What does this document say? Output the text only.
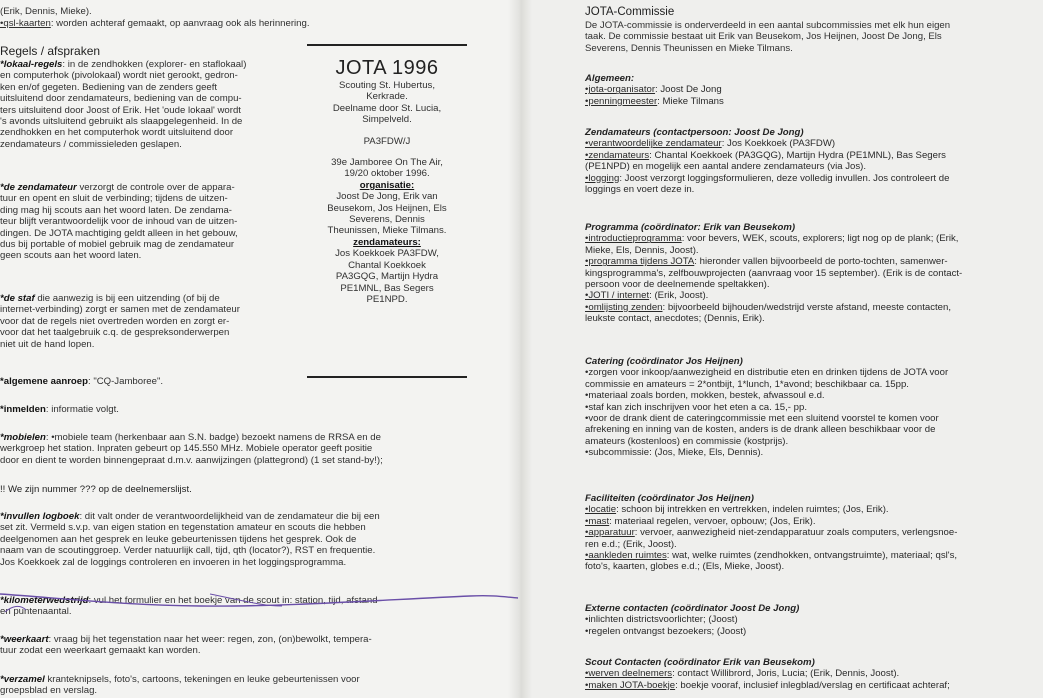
(Erik, Dennis, Mieke).
•qsl-kaarten: worden achteraf gemaakt, op aanvraag ook als herinnering.
Regels / afspraken
*lokaal-regels: in de zendhokken (explorer- en staflokaal)
en computerhok (pivolokaal) wordt niet gerookt, gedron-
ken en/of gegeten. Bediening van de zenders geeft
uitsluitend door zendamateurs, bediening van de compu-
ters uitsluitend door Joost of Erik. Het 'oude lokaal' wordt
's avonds uitsluitend gebruikt als slaapgelegenheid. In de
zendhokken en het computerhok wordt uitsluitend door
zendamateurs / commissieleden geslapen.
*de zendamateur verzorgt de controle over de appara-
tuur en opent en sluit de verbinding; tijdens de uitzen-
ding mag hij scouts aan het woord laten. De zendama-
teur blijft verantwoordelijk voor de inhoud van de uitzen-
dingen. De JOTA machtiging geldt alleen in het gebouw,
dus bij portable of mobiel gebruik mag de zendamateur
geen scouts aan het woord laten.
*de staf die aanwezig is bij een uitzending (of bij de
internet-verbinding) zorgt er samen met de zendamateur
voor dat de regels niet overtreden worden en zorgt er-
voor dat het taalgebruik c.q. de gespreksonderwerpen
niet uit de hand lopen.
*algemene aanroep: "CQ-Jamboree".
*inmelden: informatie volgt.
*mobielen: •mobiele team (herkenbaar aan S.N. badge) bezoekt namens de RRSA en de
werkgroep het station. Inpraten gebeurt op 145.550 MHz. Mobiele operator geeft positie
door en dient te worden binnengepraat d.m.v. aanwijzingen (plattegrond) (1 set stand-by!);
!! We zijn nummer ??? op de deelnemerslijst.
*invullen logboek: dit valt onder de verantwoordelijkheid van de zendamateur die bij een
set zit. Vermeld s.v.p. van eigen station en tegenstation amateur en scouts die hebben
deelgenomen aan het gesprek en leuke gebeurtenissen tijdens het gesprek. Ook de
naam van de scoutinggroep. Verder natuurlijk call, tijd, qth (locator?), RST en frequentie.
Jos Koekkoek zal de loggings controleren en invoeren in het loggingsprogramma.
*kilometerwedstrijd: vul het formulier en het boekje van de scout in: station, tijd, afstand
en puntenaantal.
*weerkaart: vraag bij het tegenstation naar het weer: regen, zon, (on)bewolkt, tempera-
tuur zodat een weerkaart gemaakt kan worden.
*verzamel kranteknipsels, foto's, cartoons, tekeningen en leuke gebeurtenissen voor
groepsblad en verslag.
JOTA 1996
Scouting St. Hubertus,
Kerkrade.
Deelname door St. Lucia,
Simpelveld.
PA3FDW/J
39e Jamboree On The Air,
19/20 oktober 1996.
organisatie:
Joost De Jong, Erik van
Beusekom, Jos Heijnen, Els
Severens, Dennis
Theunissen, Mieke Tilmans.
zendamateurs:
Jos Koekkoek PA3FDW,
Chantal Koekkoek
PA3GQG, Martijn Hydra
PE1MNL, Bas Segers
PE1NPD.
JOTA-Commissie
De JOTA-commissie is onderverdeeld in een aantal subcommissies met elk hun eigen
taak. De commissie bestaat uit Erik van Beusekom, Jos Heijnen, Joost De Jong, Els
Severens, Dennis Theunissen en Mieke Tilmans.
Algemeen:
•jota-organisator: Joost De Jong
•penningmeester: Mieke Tilmans
Zendamateurs (contactpersoon: Joost De Jong)
•verantwoordelijke zendamateur: Jos Koekkoek (PA3FDW)
•zendamateurs: Chantal Koekkoek (PA3GQG), Martijn Hydra (PE1MNL), Bas Segers
(PE1NPD) en mogelijk een aantal andere zendamateurs (via Jos).
•logging: Joost verzorgt loggingsformulieren, deze volledig invullen. Jos controleert de
loggings en voert deze in.
Programma (coördinator: Erik van Beusekom)
•introductieprogramma: voor bevers, WEK, scouts, explorers; ligt nog op de plank; (Erik,
Mieke, Els, Dennis, Joost).
•programma tijdens JOTA: hieronder vallen bijvoorbeeld de porto-tochten, samenwer-
kingsprogramma's, zelfbouwprojecten (aanvraag voor 15 september). (Erik is de contact-
persoon voor de deelnemende speltakken).
•JOTI / internet: (Erik, Joost).
•omlijsting zenden: bijvoorbeeld bijhouden/wedstrijd verste afstand, meeste contacten,
leukste contact, anecdotes; (Dennis, Erik).
Catering (coördinator Jos Heijnen)
•zorgen voor inkoop/aanwezigheid en distributie eten en drinken tijdens de JOTA voor
commissie en amateurs = 2*ontbijt, 1*lunch, 1*avond; beschikbaar ca. 15pp.
•materiaal zoals borden, mokken, bestek, afwassoul e.d.
•staf kan zich inschrijven voor het eten a ca. 15,- pp.
•voor de drank dient de cateringcommissie met een sluitend voorstel te komen voor
afrekening en inning van de kosten, anders is de drank alleen beschikbaar voor de
amateurs (kostenloos) en commissie (kostprijs).
•subcommissie: (Jos, Mieke, Els, Dennis).
Faciliteiten (coördinator Jos Heijnen)
•locatie: schoon bij intrekken en vertrekken, indelen ruimtes; (Jos, Erik).
•mast: materiaal regelen, vervoer, opbouw; (Jos, Erik).
•apparatuur: vervoer, aanwezigheid niet-zendapparatuur zoals computers, verlengsnoe-
ren e.d.; (Erik, Joost).
•aankleden ruimtes: wat, welke ruimtes (zendhokken, ontvangstruimte), materiaal; qsl's,
foto's, kaarten, globes e.d.; (Els, Mieke, Joost).
Externe contacten (coördinator Joost De Jong)
•inlichten districtsvoorlichter; (Joost)
•regelen ontvangst bezoekers; (Joost)
Scout Contacten (coördinator Erik van Beusekom)
•werven deelnemers: contact Willibrord, Joris, Lucia; (Erik, Dennis, Joost).
•maken JOTA-boekje: boekje vooraf, inclusief inlegblad/verslag en certificaat achteraf;
